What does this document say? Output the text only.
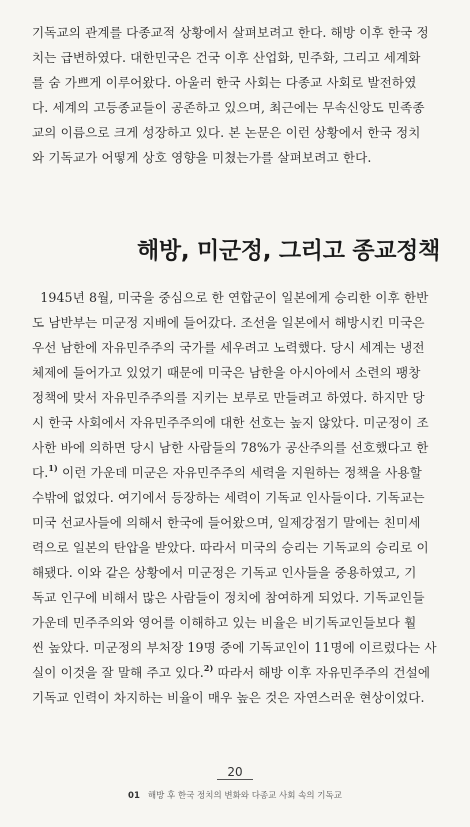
기독교의 관계를 다종교적 상황에서 살펴보려고 한다. 해방 이후 한국 정
치는 급변하였다. 대한민국은 건국 이후 산업화, 민주화, 그리고 세계화
를 숨 가쁘게 이루어왔다. 아울러 한국 사회는 다종교 사회로 발전하였
다. 세계의 고등종교들이 공존하고 있으며, 최근에는 무속신앙도 민족종
교의 이름으로 크게 성장하고 있다. 본 논문은 이런 상황에서 한국 정치
와 기독교가 어떻게 상호 영향을 미쳤는가를 살펴보려고 한다.
해방, 미군정, 그리고 종교정책
1945년 8월, 미국을 중심으로 한 연합군이 일본에게 승리한 이후 한반
도 남반부는 미군정 지배에 들어갔다. 조선을 일본에서 해방시킨 미국은
우선 남한에 자유민주주의 국가를 세우려고 노력했다. 당시 세계는 냉전
체제에 들어가고 있었기 때문에 미국은 남한을 아시아에서 소련의 팽창
정책에 맞서 자유민주주의를 지키는 보루로 만들려고 하였다. 하지만 당
시 한국 사회에서 자유민주주의에 대한 선호는 높지 않았다. 미군정이 조
사한 바에 의하면 당시 남한 사람들의 78%가 공산주의를 선호했다고 한
다.$^{1)}$ 이런 가운데 미군은 자유민주주의 세력을 지원하는 정책을 사용할
수밖에 없었다. 여기에서 등장하는 세력이 기독교 인사들이다. 기독교는
미국 선교사들에 의해서 한국에 들어왔으며, 일제강점기 말에는 친미세
력으로 일본의 탄압을 받았다. 따라서 미국의 승리는 기독교의 승리로 이
해됐다. 이와 같은 상황에서 미군정은 기독교 인사들을 중용하였고, 기
독교 인구에 비해서 많은 사람들이 정치에 참여하게 되었다. 기독교인들
가운데 민주주의와 영어를 이해하고 있는 비율은 비기독교인들보다 훨
씬 높았다. 미군정의 부처장 19명 중에 기독교인이 11명에 이르렀다는 사
실이 이것을 잘 말해 주고 있다.$^{2)}$ 따라서 해방 이후 자유민주주의 건설에
기독교 인력이 차지하는 비율이 매우 높은 것은 자연스러운 현상이었다.
20
01 해방 후 한국 정치의 변화와 다종교 사회 속의 기독교
